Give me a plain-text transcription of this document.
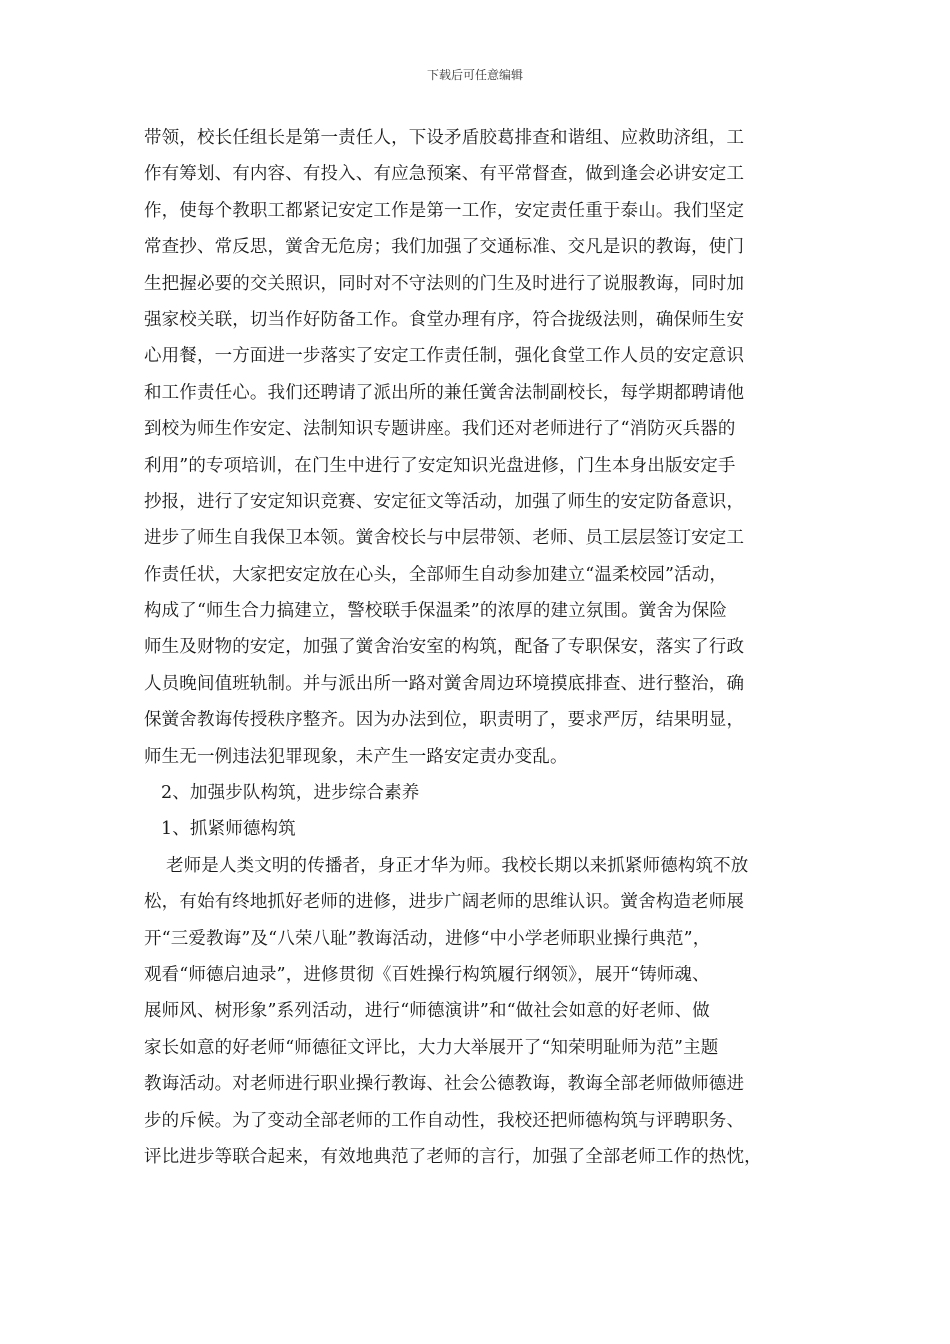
下载后可任意编辑
带领，校长任组长是第一责任人，下设矛盾胶葛排查和谐组、应救助济组，工
作有筹划、有内容、有投入、有应急预案、有平常督查，做到逢会必讲安定工
作，使每个教职工都紧记安定工作是第一工作，安定责任重于泰山。我们坚定
常查抄、常反思，黉舍无危房；我们加强了交通标准、交凡是识的教诲，使门
生把握必要的交关照识，同时对不守法则的门生及时进行了说服教诲，同时加
强家校关联，切当作好防备工作。食堂办理有序，符合拢级法则，确保师生安
心用餐，一方面进一步落实了安定工作责任制，强化食堂工作人员的安定意识
和工作责任心。我们还聘请了派出所的兼任黉舍法制副校长，每学期都聘请他
到校为师生作安定、法制知识专题讲座。我们还对老师进行了“消防灭兵器的
利用”的专项培训，在门生中进行了安定知识光盘进修，门生本身出版安定手
抄报，进行了安定知识竞赛、安定征文等活动，加强了师生的安定防备意识，
进步了师生自我保卫本领。黉舍校长与中层带领、老师、员工层层签订安定工
作责任状，大家把安定放在心头，全部师生自动参加建立“温柔校园”活动，
构成了“师生合力搞建立，警校联手保温柔”的浓厚的建立氛围。黉舍为保险
师生及财物的安定，加强了黉舍治安室的构筑，配备了专职保安，落实了行政
人员晚间值班轨制。并与派出所一路对黉舍周边环境摸底排查、进行整治，确
保黉舍教诲传授秩序整齐。因为办法到位，职责明了，要求严厉，结果明显，
师生无一例违法犯罪现象，未产生一路安定责办变乱。
2、加强步队构筑，进步综合素养
1、抓紧师德构筑
老师是人类文明的传播者，身正才华为师。我校长期以来抓紧师德构筑不放
松，有始有终地抓好老师的进修，进步广阔老师的思维认识。黉舍构造老师展
开“三爱教诲”及“八荣八耻”教诲活动，进修“中小学老师职业操行典范”，
观看“师德启迪录”，进修贯彻《百姓操行构筑履行纲领》，展开“铸师魂、
展师风、树形象”系列活动，进行“师德演讲”和“做社会如意的好老师、做
家长如意的好老师“师德征文评比，大力大举展开了“知荣明耻师为范”主题
教诲活动。对老师进行职业操行教诲、社会公德教诲，教诲全部老师做师德进
步的斥候。为了变动全部老师的工作自动性，我校还把师德构筑与评聘职务、
评比进步等联合起来，有效地典范了老师的言行，加强了全部老师工作的热忱，
